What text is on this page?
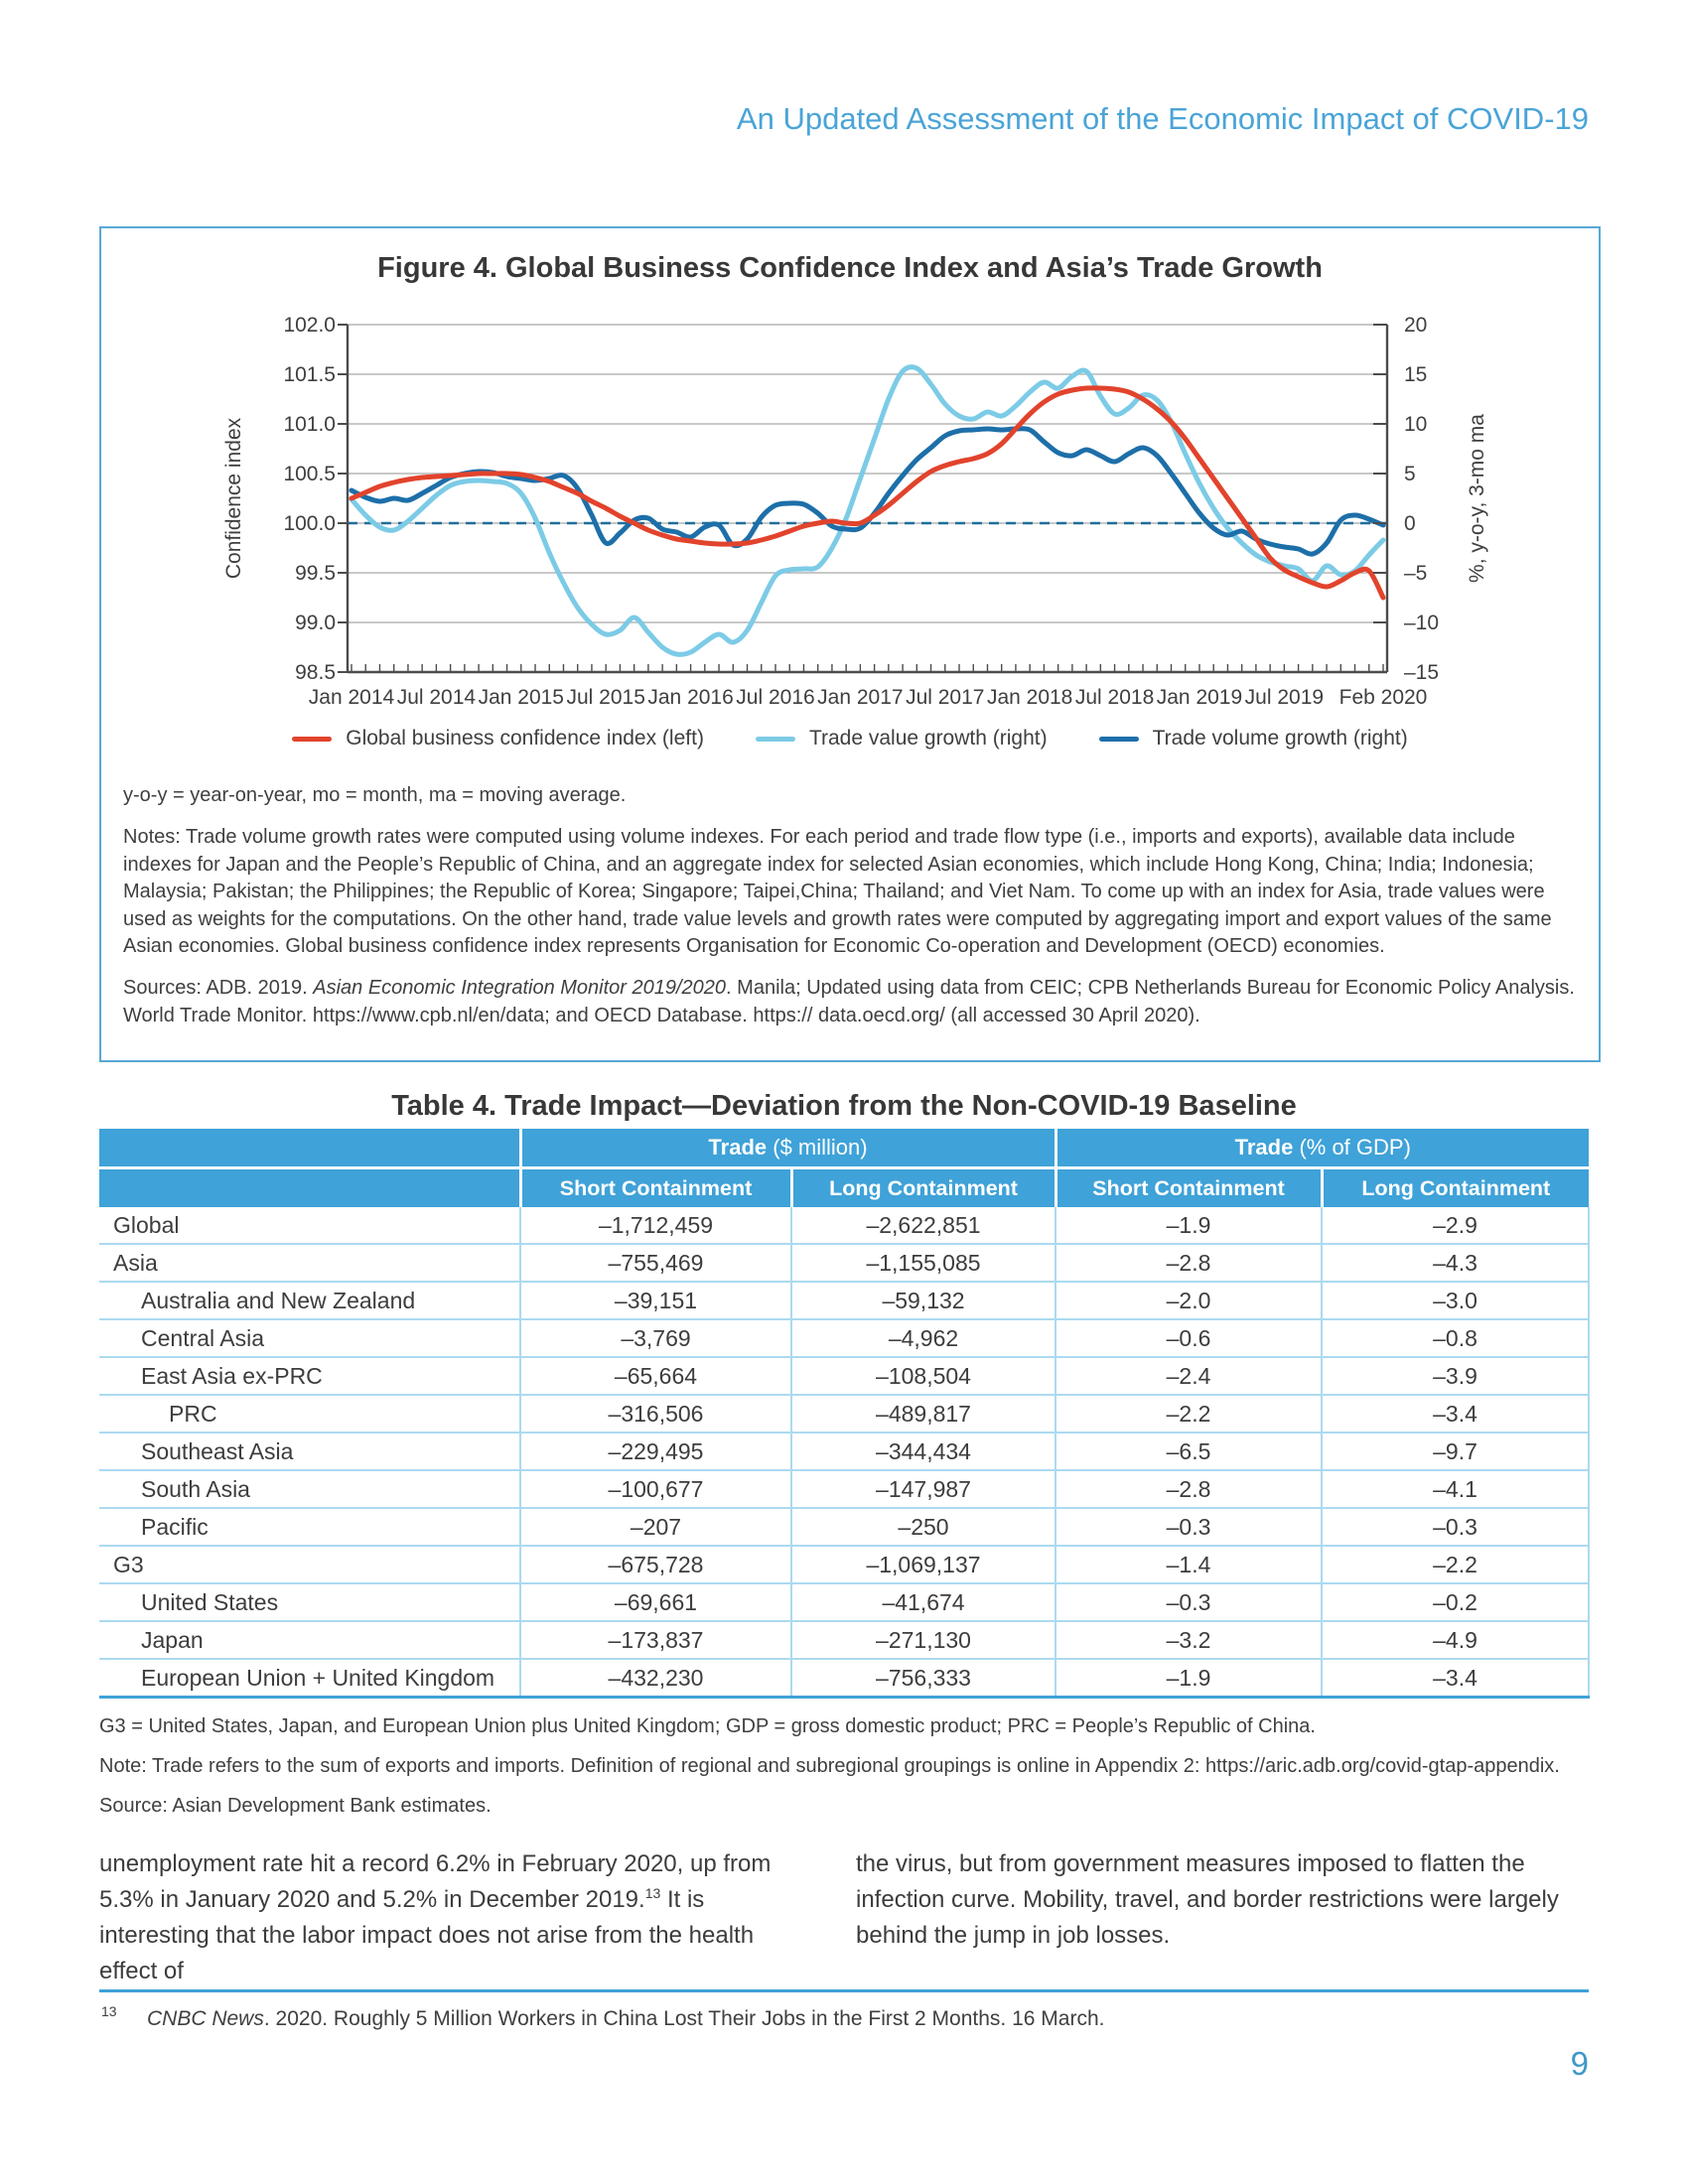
An Updated Assessment of the Economic Impact of COVID-19
Figure 4. Global Business Confidence Index and Asia’s Trade Growth
102.0	20
101.5	15
101.0	10
100.5	5
100.0	0
99.5	–5
99.0	–10
98.5	–15
Jan 2014 Jul 2014 Jan 2015 Jul 2015 Jan 2016 Jul 2016 Jan 2017 Jul 2017 Jan 2018 Jul 2018 Jan 2019 Jul 2019 Feb 2020
Confidence index	%, y-o-y, 3-mo ma
Global business confidence index (left)	Trade value growth (right)	Trade volume growth (right)
y-o-y = year-on-year, mo = month, ma = moving average.
Notes: Trade volume growth rates were computed using volume indexes. For each period and trade flow type (i.e., imports and exports), available data include indexes for Japan and the People’s Republic of China, and an aggregate index for selected Asian economies, which include Hong Kong, China; India; Indonesia; Malaysia; Pakistan; the Philippines; the Republic of Korea; Singapore; Taipei,China; Thailand; and Viet Nam. To come up with an index for Asia, trade values were used as weights for the computations. On the other hand, trade value levels and growth rates were computed by aggregating import and export values of the same Asian economies. Global business confidence index represents Organisation for Economic Co-operation and Development (OECD) economies.
Sources: ADB. 2019. Asian Economic Integration Monitor 2019/2020. Manila; Updated using data from CEIC; CPB Netherlands Bureau for Economic Policy Analysis. World Trade Monitor. https://www.cpb.nl/en/data; and OECD Database. https:// data.oecd.org/ (all accessed 30 April 2020).
Table 4. Trade Impact—Deviation from the Non-COVID-19 Baseline
	Trade ($ million)		Trade (% of GDP)	
	Short Containment	Long Containment	Short Containment	Long Containment
Global	–1,712,459	–2,622,851	–1.9	–2.9
Asia	–755,469	–1,155,085	–2.8	–4.3
Australia and New Zealand	–39,151	–59,132	–2.0	–3.0
Central Asia	–3,769	–4,962	–0.6	–0.8
East Asia ex-PRC	–65,664	–108,504	–2.4	–3.9
PRC	–316,506	–489,817	–2.2	–3.4
Southeast Asia	–229,495	–344,434	–6.5	–9.7
South Asia	–100,677	–147,987	–2.8	–4.1
Pacific	–207	–250	–0.3	–0.3
G3	–675,728	–1,069,137	–1.4	–2.2
United States	–69,661	–41,674	–0.3	–0.2
Japan	–173,837	–271,130	–3.2	–4.9
European Union + United Kingdom	–432,230	–756,333	–1.9	–3.4
G3 = United States, Japan, and European Union plus United Kingdom; GDP = gross domestic product; PRC = People’s Republic of China.
Note: Trade refers to the sum of exports and imports. Definition of regional and subregional groupings is online in Appendix 2: https://aric.adb.org/covid-gtap-appendix.
Source: Asian Development Bank estimates.
unemployment rate hit a record 6.2% in February 2020, up from 5.3% in January 2020 and 5.2% in December 2019.13 It is interesting that the labor impact does not arise from the health effect of
the virus, but from government measures imposed to flatten the infection curve. Mobility, travel, and border restrictions were largely behind the jump in job losses.
13 CNBC News. 2020. Roughly 5 Million Workers in China Lost Their Jobs in the First 2 Months. 16 March.
9
